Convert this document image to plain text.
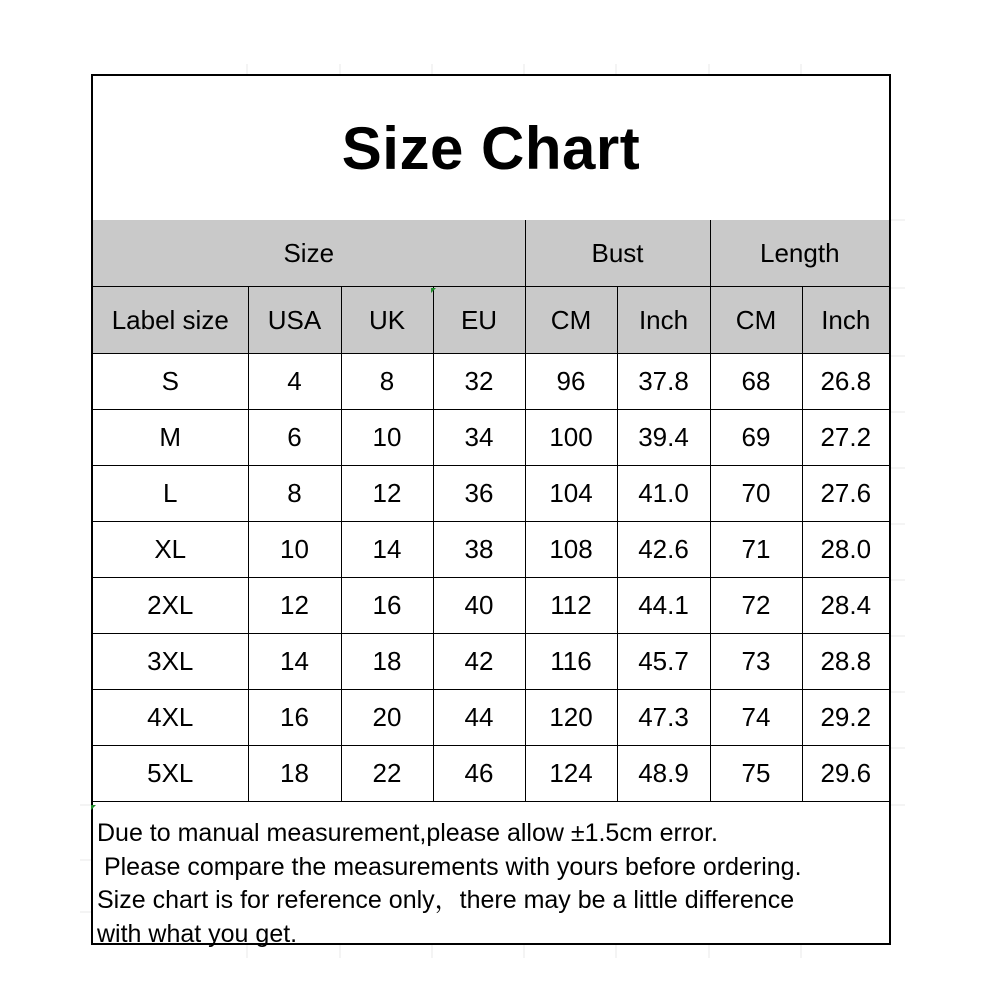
Size Chart
Size				Bust		Length	
Label size	USA	UK	EU	CM	Inch	CM	Inch
S	4	8	32	96	37.8	68	26.8
M	6	10	34	100	39.4	69	27.2
L	8	12	36	104	41.0	70	27.6
XL	10	14	38	108	42.6	71	28.0
2XL	12	16	40	112	44.1	72	28.4
3XL	14	18	42	116	45.7	73	28.8
4XL	16	20	44	120	47.3	74	29.2
5XL	18	22	46	124	48.9	75	29.6

Due to manual measurement,please allow ±1.5cm error.

Please compare the measurements with yours before ordering.

Size chart is for reference only，there may be a little difference

with what you get.
